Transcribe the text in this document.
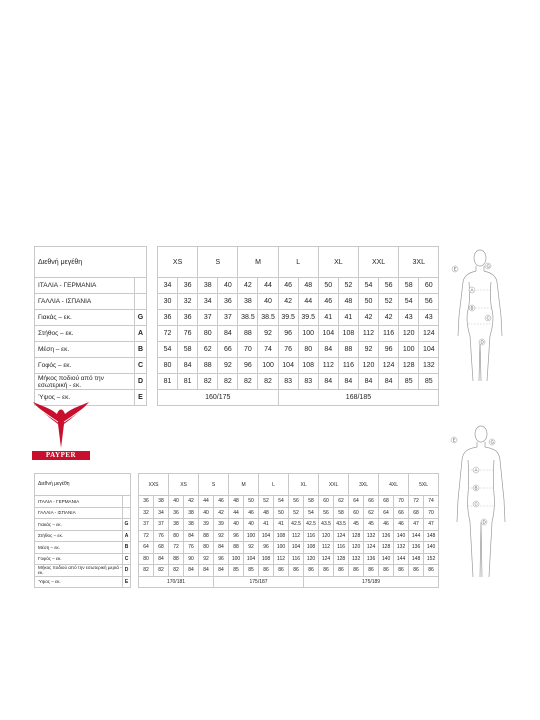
Διεθνή μεγέθη			XS		S		M		L		XL		XXL		3XL	
ΙΤΑΛΙΑ - ΓΕΡΜΑΝΙΑ			34	36	38	40	42	44	46	48	50	52	54	56	58	60
ΓΑΛΛΙΑ - ΙΣΠΑΝΙΑ			30	32	34	36	38	40	42	44	46	48	50	52	54	56
Γιακάς – εκ.	G		36	36	37	37	38.5	38.5	39.5	39.5	41	41	42	42	43	43
Στήθος – εκ.	A		72	76	80	84	88	92	96	100	104	108	112	116	120	124
Μέση – εκ.	B		54	58	62	66	70	74	76	80	84	88	92	96	100	104
Γοφός – εκ.	C		80	84	88	92	96	100	104	108	112	116	120	124	128	132
Μήκος ποδιού από την εσωτερική - εκ.	D		81	81	82	82	82	82	83	83	84	84	84	84	85	85
Ύψος – εκ.	E		160/175						168/185							
PAYPER
E
G
A
B
C
D
Διεθνή μεγέθη			XXS		XS		S		M		L		XL		XXL		3XL		4XL		5XL	
ΙΤΑΛΙΑ - ΓΕΡΜΑΝΙΑ			36	38	40	42	44	46	48	50	52	54	56	58	60	62	64	66	68	70	72	74
ΓΑΛΛΙΑ - ΙΣΠΑΝΙΑ			32	34	36	38	40	42	44	46	48	50	52	54	56	58	60	62	64	66	68	70
Γιακάς – εκ.	G		37	37	38	38	39	39	40	40	41	41	42.5	42.5	43.5	43.5	45	45	46	46	47	47
Στήθος – εκ.	A		72	76	80	84	88	92	96	100	104	108	112	116	120	124	128	132	136	140	144	148
Μέση – εκ.	B		64	68	72	76	80	84	88	92	96	100	104	108	112	116	120	124	128	132	136	140
Γοφός – εκ.	C		80	84	88	90	92	96	100	104	108	112	116	120	124	128	132	136	140	144	148	152
Μήκος ποδιού από την εσωτερική μεριά - εκ.	D		82	82	82	84	84	84	85	85	86	86	86	86	86	86	86	86	86	86	86	86
Ύψος – εκ.	E		170/181					175/187						175/189								
E	G
A
B
C
D
